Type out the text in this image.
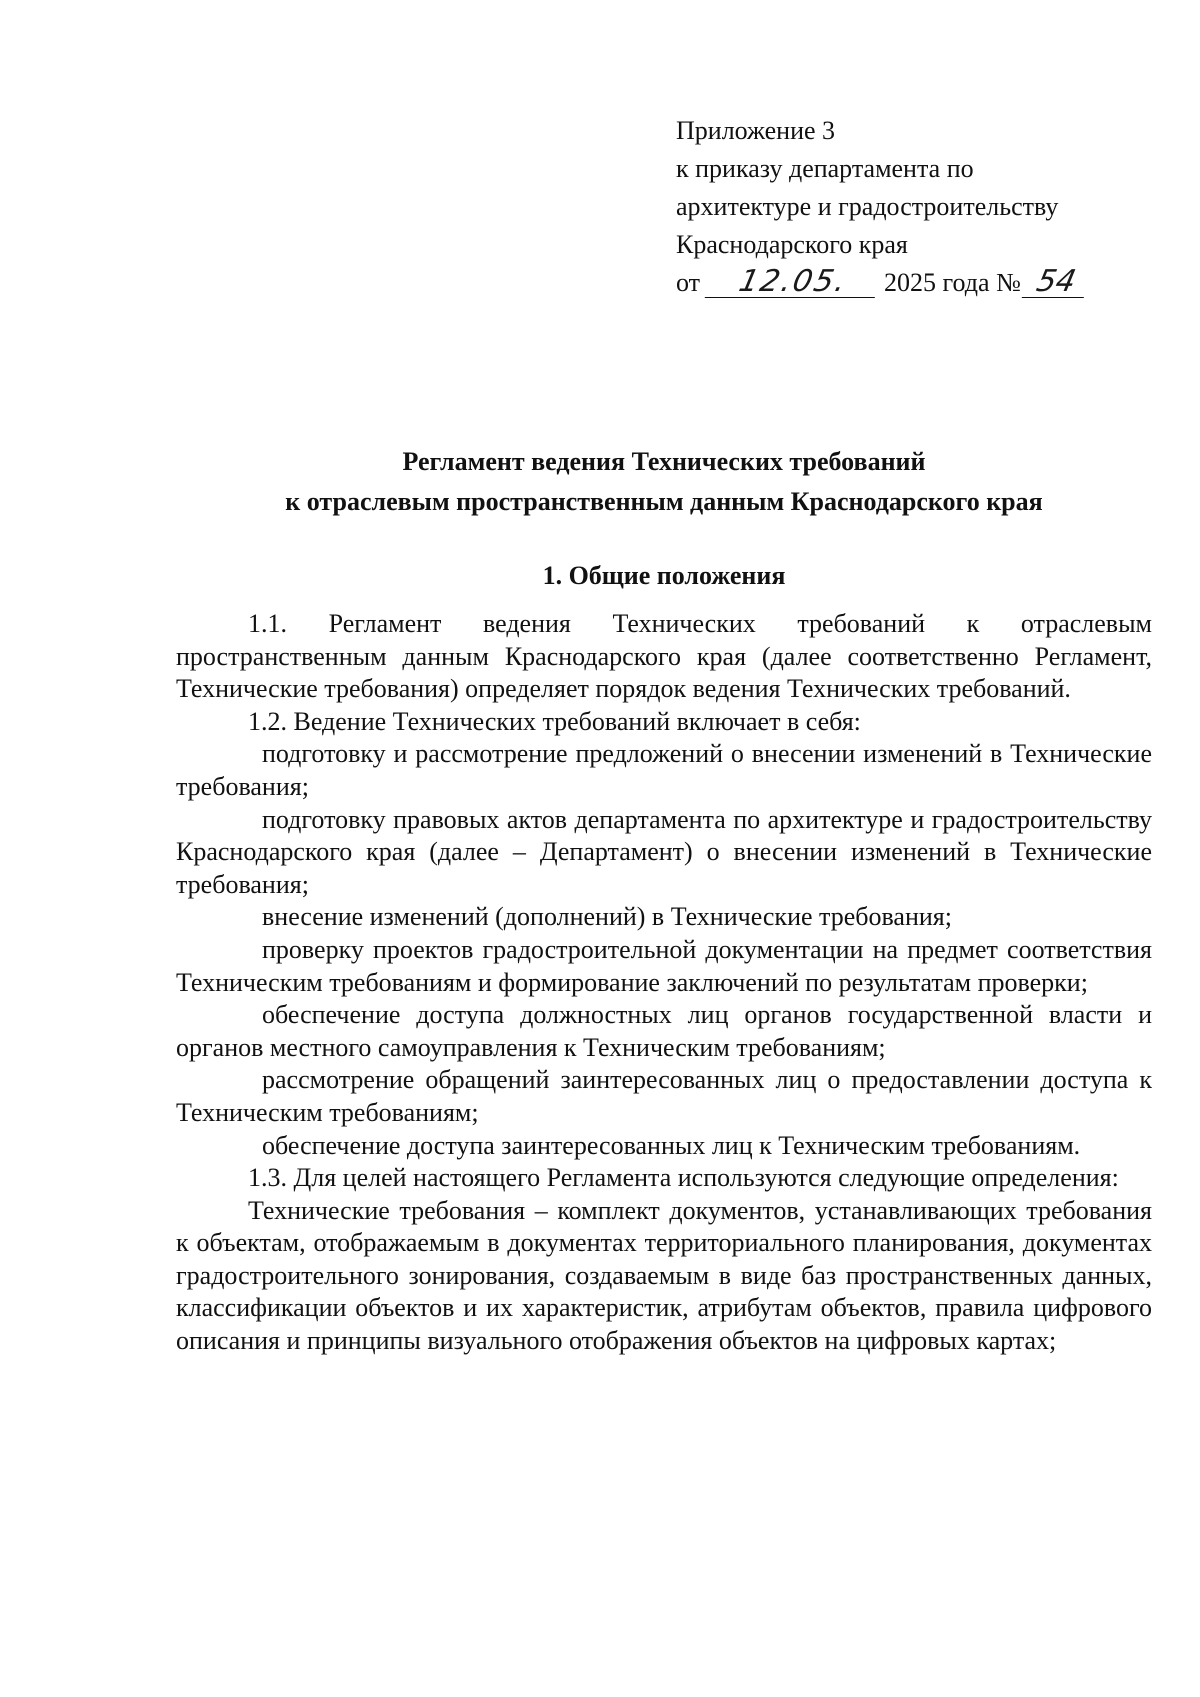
Приложение 3
к приказу департамента по
архитектуре и градостроительству
Краснодарского края
от 12.05. 2025 года № 54
Регламент ведения Технических требований
к отраслевым пространственным данным Краснодарского края
1. Общие положения

1.1. Регламент ведения Технических требований к отраслевым пространственным данным Краснодарского края (далее соответственно Регламент, Технические требования) определяет порядок ведения Технических требований.

1.2. Ведение Технических требований включает в себя:

подготовку и рассмотрение предложений о внесении изменений в Технические требования;

подготовку правовых актов департамента по архитектуре и градостроительству Краснодарского края (далее – Департамент) о внесении изменений в Технические требования;

внесение изменений (дополнений) в Технические требования;

проверку проектов градостроительной документации на предмет соответствия Техническим требованиям и формирование заключений по результатам проверки;

обеспечение доступа должностных лиц органов государственной власти и органов местного самоуправления к Техническим требованиям;

рассмотрение обращений заинтересованных лиц о предоставлении доступа к Техническим требованиям;

обеспечение доступа заинтересованных лиц к Техническим требованиям.

1.3. Для целей настоящего Регламента используются следующие определения:

Технические требования – комплект документов, устанавливающих требования к объектам, отображаемым в документах территориального планирования, документах градостроительного зонирования, создаваемым в виде баз пространственных данных, классификации объектов и их характеристик, атрибутам объектов, правила цифрового описания и принципы визуального отображения объектов на цифровых картах;
